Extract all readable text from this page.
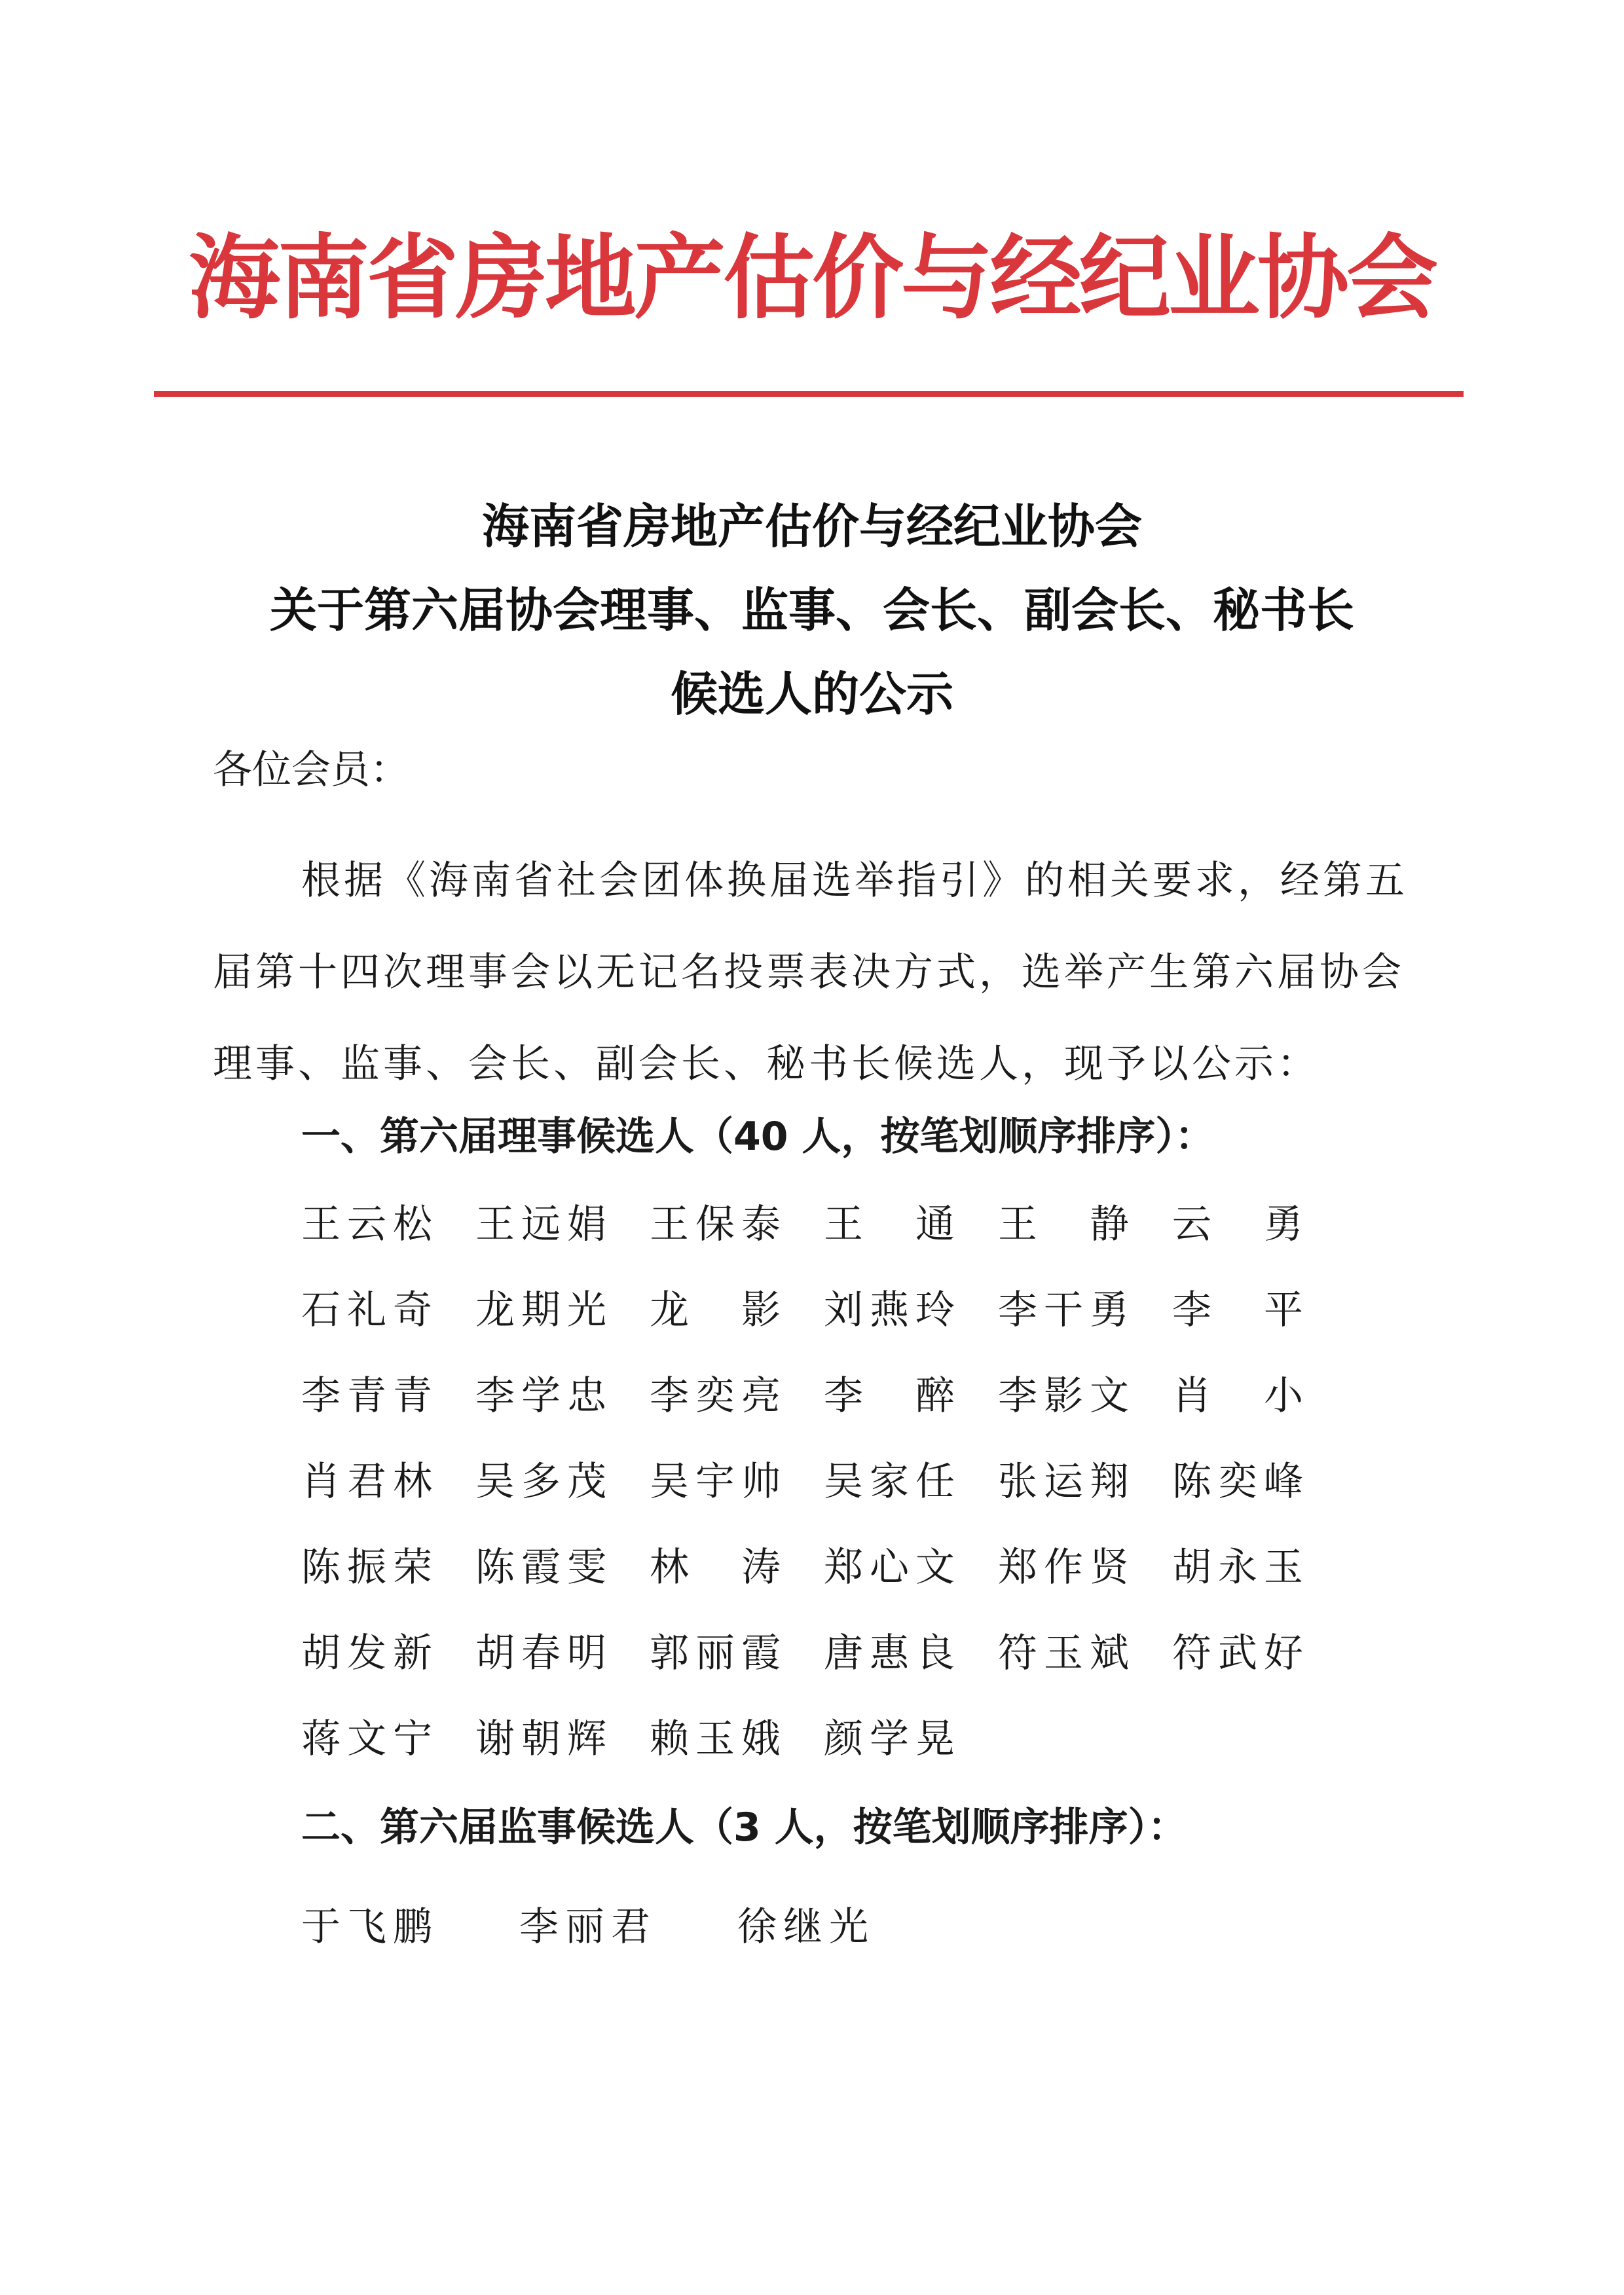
海南省房地产估价与经纪业协会
海南省房地产估价与经纪业协会
关于第六届协会理事、监事、会长、副会长、秘书长
候选人的公示
各位会员：
根据《海南省社会团体换届选举指引》的相关要求，经第五
届第十四次理事会以无记名投票表决方式，选举产生第六届协会
理事、监事、会长、副会长、秘书长候选人，现予以公示：
一、第六届理事候选人（40 人，按笔划顺序排序）：
王云松 王远娟 王保泰 王 通 王 静 云 勇
石礼奇 龙期光 龙 影 刘燕玲 李干勇 李 平
李青青 李学忠 李奕亮 李 醉 李影文 肖 小
肖君林 吴多茂 吴宇帅 吴家任 张运翔 陈奕峰
陈振荣 陈霞雯 林 涛 郑心文 郑作贤 胡永玉
胡发新 胡春明 郭丽霞 唐惠良 符玉斌 符武好
蒋文宁 谢朝辉 赖玉娥 颜学晃
二、第六届监事候选人（3 人，按笔划顺序排序）：
于飞鹏 李丽君 徐继光
